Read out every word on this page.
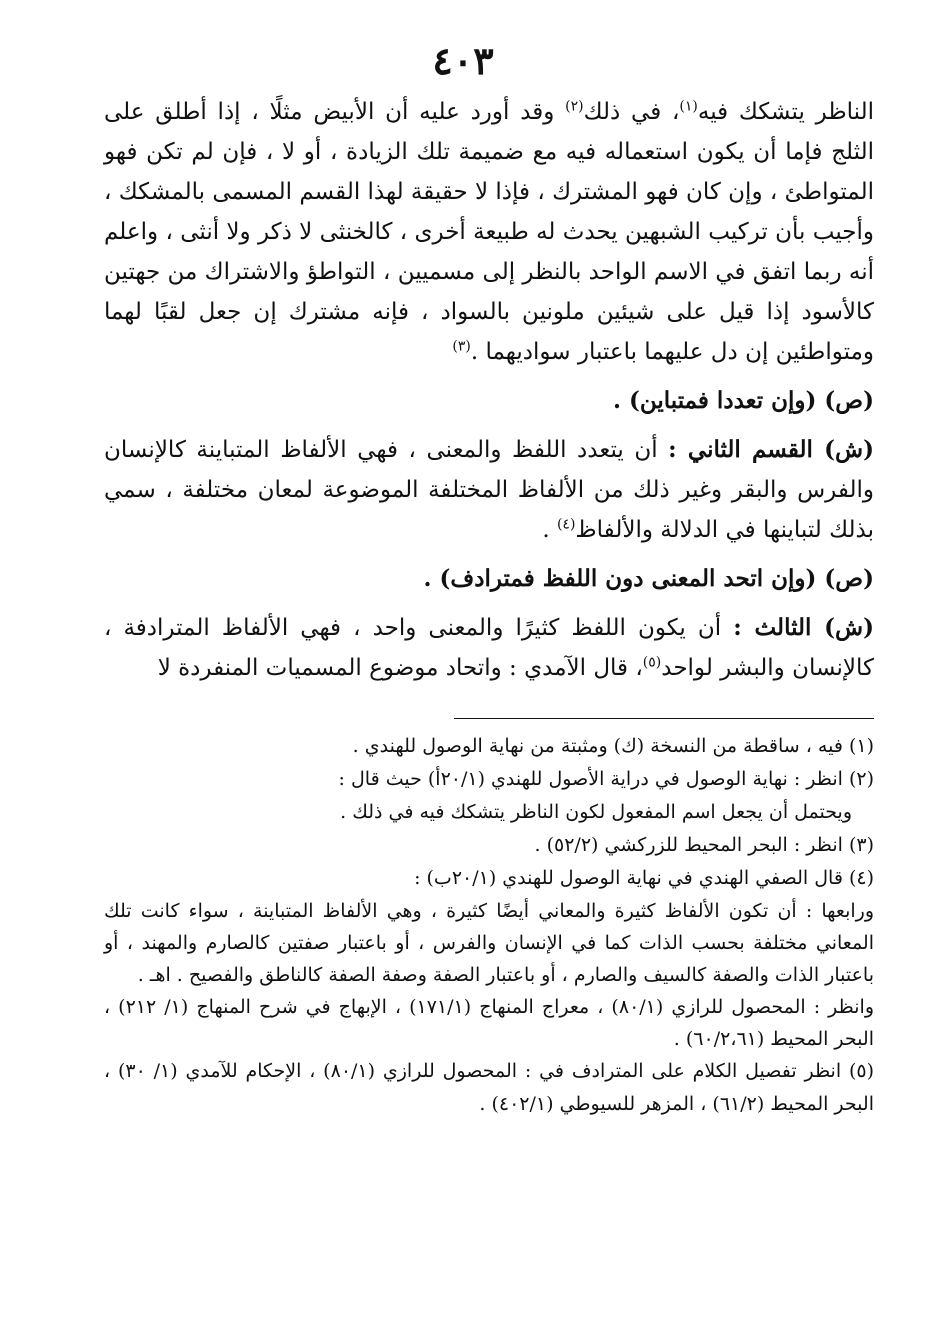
٤٠٣

الناظر يتشكك فيه$^{(١)}$، في ذلك$^{(٢)}$ وقد أورد عليه أن الأبيض مثلًا ، إذا أطلق على الثلج فإما أن يكون استعماله فيه مع ضميمة تلك الزيادة ، أو لا ، فإن لم تكن فهو المتواطئ ، وإن كان فهو المشترك ، فإذا لا حقيقة لهذا القسم المسمى بالمشكك ، وأجيب بأن تركيب الشبهين يحدث له طبيعة أخرى ، كالخنثى لا ذكر ولا أنثى ، واعلم أنه ربما اتفق في الاسم الواحد بالنظر إلى مسميين ، التواطؤ والاشتراك من جهتين كالأسود إذا قيل على شيئين ملونين بالسواد ، فإنه مشترك إن جعل لقبًا لهما ومتواطئين إن دل عليهما باعتبار سواديهما .$^{(٣)}$

(ص) (وإن تعددا فمتباين) .

(ش) القسم الثاني : أن يتعدد اللفظ والمعنى ، فهي الألفاظ المتباينة كالإنسان والفرس والبقر وغير ذلك من الألفاظ المختلفة الموضوعة لمعان مختلفة ، سمي بذلك لتباينها في الدلالة والألفاظ$^{(٤)}$ .

(ص) (وإن اتحد المعنى دون اللفظ فمترادف) .

(ش) الثالث : أن يكون اللفظ كثيرًا والمعنى واحد ، فهي الألفاظ المترادفة ، كالإنسان والبشر لواحد$^{(٥)}$، قال الآمدي : واتحاد موضوع المسميات المنفردة لا

(١) فيه ، ساقطة من النسخة (ك) ومثبتة من نهاية الوصول للهندي .

(٢) انظر : نهاية الوصول في دراية الأصول للهندي (٢٠/١أ) حيث قال :

ويحتمل أن يجعل اسم المفعول لكون الناظر يتشكك فيه في ذلك .

(٣) انظر : البحر المحيط للزركشي (٥٢/٢) .

(٤) قال الصفي الهندي في نهاية الوصول للهندي (٢٠/١ب) :

ورابعها : أن تكون الألفاظ كثيرة والمعاني أيضًا كثيرة ، وهي الألفاظ المتباينة ، سواء كانت تلك المعاني مختلفة بحسب الذات كما في الإنسان والفرس ، أو باعتبار صفتين كالصارم والمهند ، أو باعتبار الذات والصفة كالسيف والصارم ، أو باعتبار الصفة وصفة الصفة كالناطق والفصيح . اهـ .

وانظر : المحصول للرازي (٨٠/١) ، معراج المنهاج (١٧١/١) ، الإبهاج في شرح المنهاج (١/ ٢١٢) ، البحر المحيط (٦٠/٢،٦١) .

(٥) انظر تفصيل الكلام على المترادف في : المحصول للرازي (٨٠/١) ، الإحكام للآمدي (١/ ٣٠) ، البحر المحيط (٦١/٢) ، المزهر للسيوطي (٤٠٢/١) .
